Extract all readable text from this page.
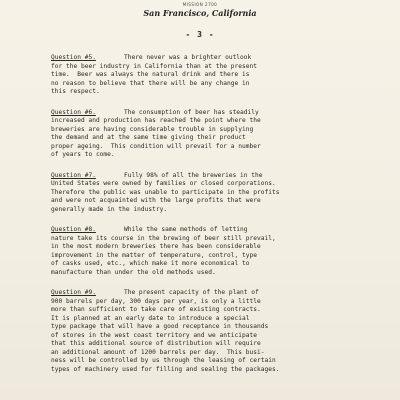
MISSION 2700
San Francisco, California
- 3 -
Question #5.	There never was a brighter outlook
for the beer industry in California than at the present
time.  Beer was always the natural drink and there is
no reason to believe that there will be any change in
this respect.
Question #6.	The consumption of beer has steadily
increased and production has reached the point where the
breweries are having considerable trouble in supplying
the demand and at the same time giving their product
proper ageing.  This condition will prevail for a number
of years to come.
Question #7.	Fully 98% of all the breweries in the
United States were owned by families or closed corporations.
Therefore the public was unable to participate in the profits
and were not acquainted with the large profits that were
generally made in the industry.
Question #8.	While the same methods of letting
nature take its course in the brewing of beer still prevail,
in the most modern breweries there has been considerable
improvement in the matter of temperature, control, type
of casks used, etc., which make it more economical to
manufacture than under the old methods used.
Question #9.	The present capacity of the plant of
900 barrels per day, 300 days per year, is only a little
more than sufficient to take care of existing contracts.
It is planned at an early date to introduce a special
type package that will have a good receptance in thousands
of stores in the west coast territory and we anticipate
that this additional source of distribution will require
an additional amount of 1200 barrels per day.  This busi-
ness will be controlled by us through the leasing of certain
types of machinery used for filling and sealing the packages.
